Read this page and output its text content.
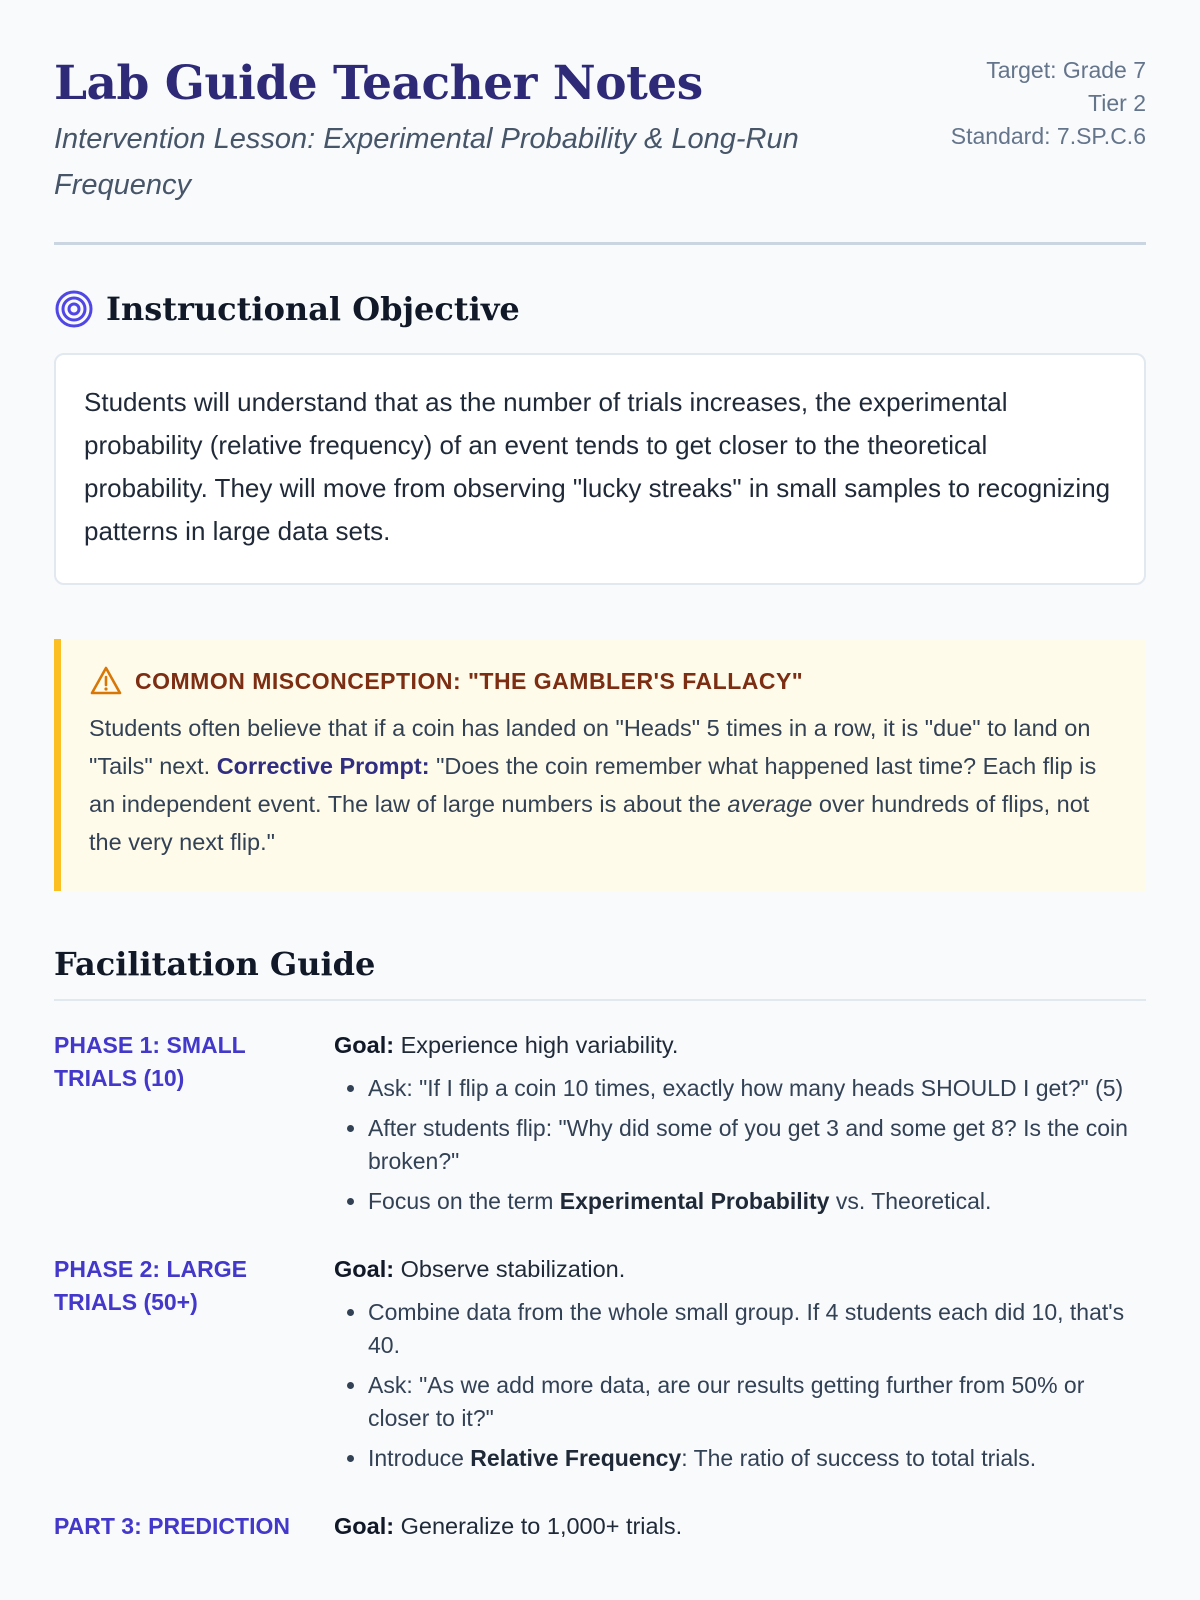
Lab Guide Teacher Notes
Intervention Lesson: Experimental Probability & Long-Run Frequency
Target: Grade 7
Tier 2
Standard: 7.SP.C.6
Instructional Objective

Students will understand that as the number of trials increases, the experimental probability (relative frequency) of an event tends to get closer to the theoretical probability. They will move from observing "lucky streaks" in small samples to recognizing patterns in large data sets.

COMMON MISCONCEPTION: "THE GAMBLER'S FALLACY"

Students often believe that if a coin has landed on "Heads" 5 times in a row, it is "due" to land on "Tails" next. Corrective Prompt: "Does the coin remember what happened last time? Each flip is an independent event. The law of large numbers is about the average over hundreds of flips, not the very next flip."

Facilitation Guide
PHASE 1: SMALL TRIALS (10)
Goal: Experience high variability.
• Ask: "If I flip a coin 10 times, exactly how many heads SHOULD I get?" (5)
• After students flip: "Why did some of you get 3 and some get 8? Is the coin broken?"
• Focus on the term Experimental Probability vs. Theoretical.
PHASE 2: LARGE TRIALS (50+)
Goal: Observe stabilization.
• Combine data from the whole small group. If 4 students each did 10, that's 40.
• Ask: "As we add more data, are our results getting further from 50% or closer to it?"
• Introduce Relative Frequency: The ratio of success to total trials.
PART 3: PREDICTION	Goal: Generalize to 1,000+ trials.
